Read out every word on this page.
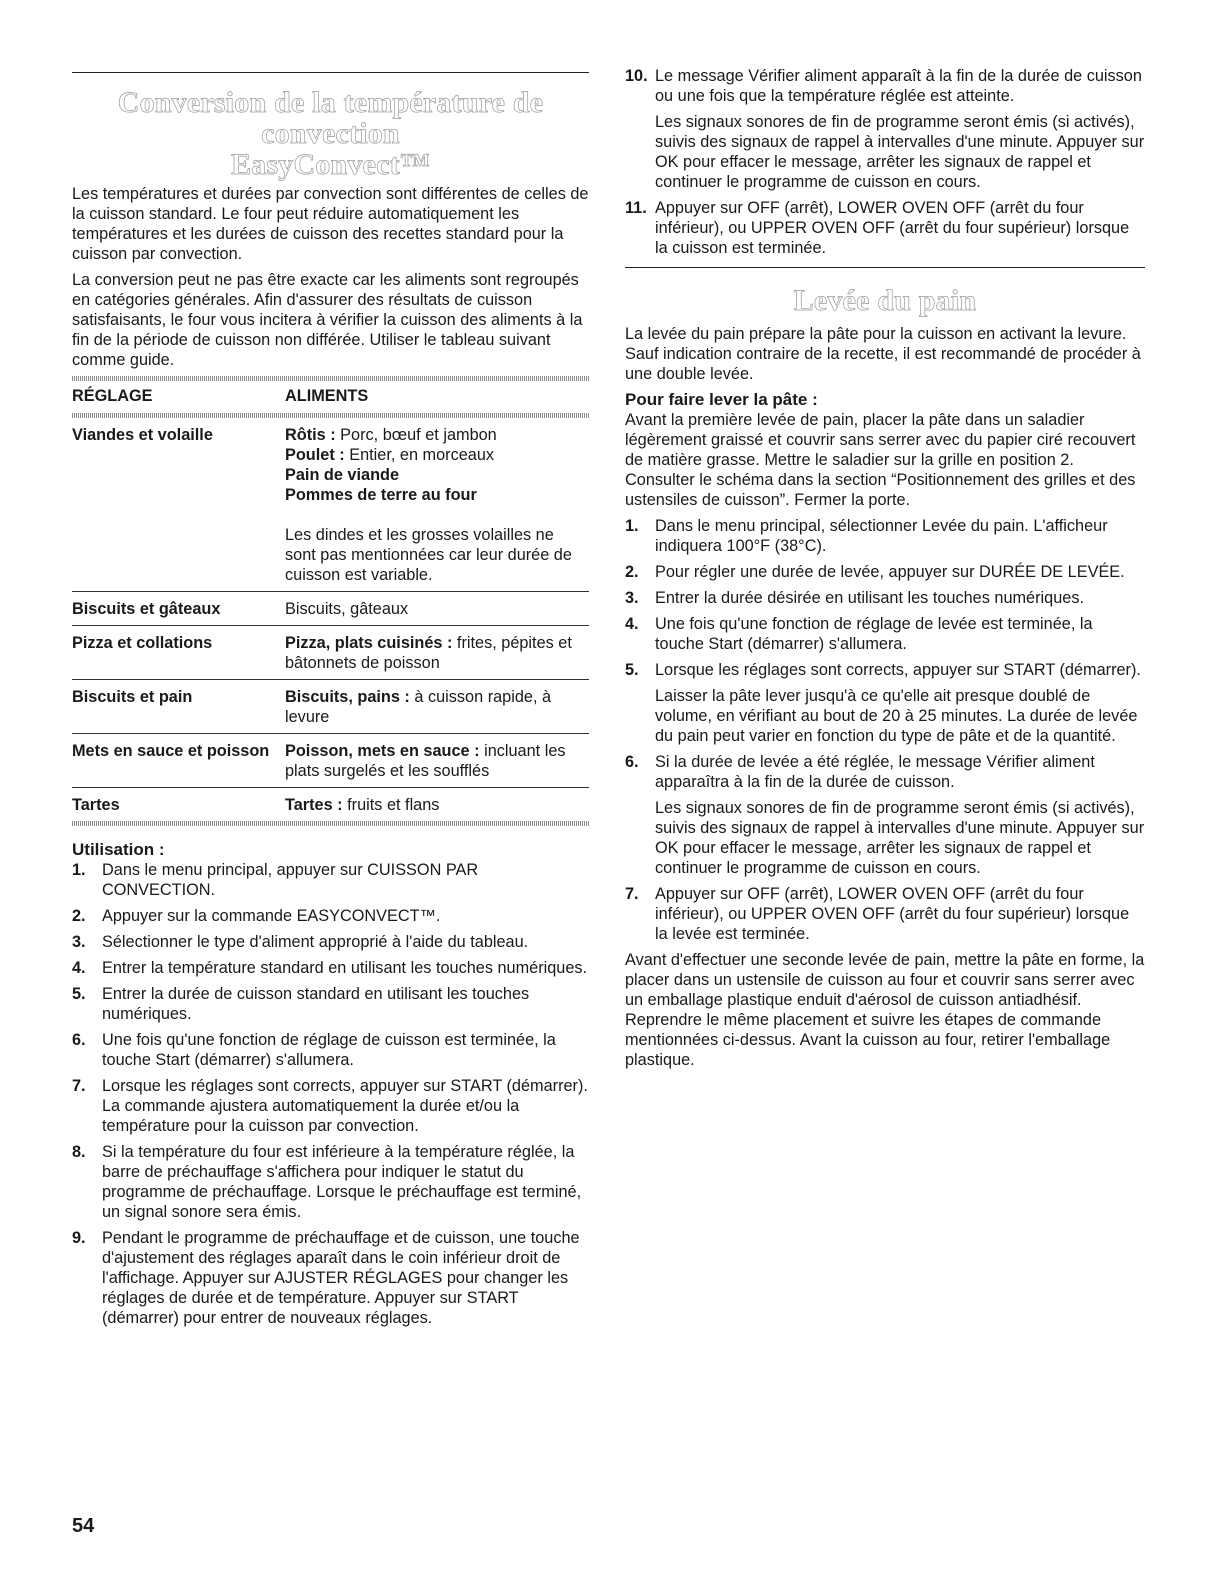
Conversion de la température de convection
EasyConvect™

Les températures et durées par convection sont différentes de celles de la cuisson standard. Le four peut réduire automatiquement les températures et les durées de cuisson des recettes standard pour la cuisson par convection.

La conversion peut ne pas être exacte car les aliments sont regroupés en catégories générales. Afin d'assurer des résultats de cuisson satisfaisants, le four vous incitera à vérifier la cuisson des aliments à la fin de la période de cuisson non différée. Utiliser le tableau suivant comme guide.

RÉGLAGE	ALIMENTS

Viandes et volaille	Rôtis : Porc, bœuf et jambon
Poulet : Entier, en morceaux
Pain de viande
Pommes de terre au four
Les dindes et les grosses volailles ne sont pas mentionnées car leur durée de cuisson est variable.

Biscuits et gâteaux	Biscuits, gâteaux
Pizza et collations	Pizza, plats cuisinés : frites, pépites et bâtonnets de poisson
Biscuits et pain	Biscuits, pains : à cuisson rapide, à levure
Mets en sauce et poisson	Poisson, mets en sauce : incluant les plats surgelés et les soufflés
Tartes	Tartes : fruits et flans
Utilisation :
1. Dans le menu principal, appuyer sur CUISSON PAR CONVECTION.
2. Appuyer sur la commande EASYCONVECT™.
3. Sélectionner le type d'aliment approprié à l'aide du tableau.
4. Entrer la température standard en utilisant les touches numériques.
5. Entrer la durée de cuisson standard en utilisant les touches numériques.
6. Une fois qu'une fonction de réglage de cuisson est terminée, la touche Start (démarrer) s'allumera.
7. Lorsque les réglages sont corrects, appuyer sur START (démarrer). La commande ajustera automatiquement la durée et/ou la température pour la cuisson par convection.
8. Si la température du four est inférieure à la température réglée, la barre de préchauffage s'affichera pour indiquer le statut du programme de préchauffage. Lorsque le préchauffage est terminé, un signal sonore sera émis.
9. Pendant le programme de préchauffage et de cuisson, une touche d'ajustement des réglages aparaît dans le coin inférieur droit de l'affichage. Appuyer sur AJUSTER RÉGLAGES pour changer les réglages de durée et de température. Appuyer sur START (démarrer) pour entrer de nouveaux réglages.
10. Le message Vérifier aliment apparaît à la fin de la durée de cuisson ou une fois que la température réglée est atteinte.
Les signaux sonores de fin de programme seront émis (si activés), suivis des signaux de rappel à intervalles d'une minute. Appuyer sur OK pour effacer le message, arrêter les signaux de rappel et continuer le programme de cuisson en cours.
11. Appuyer sur OFF (arrêt), LOWER OVEN OFF (arrêt du four inférieur), ou UPPER OVEN OFF (arrêt du four supérieur) lorsque la cuisson est terminée.
Levée du pain

La levée du pain prépare la pâte pour la cuisson en activant la levure. Sauf indication contraire de la recette, il est recommandé de procéder à une double levée.

Pour faire lever la pâte :

Avant la première levée de pain, placer la pâte dans un saladier légèrement graissé et couvrir sans serrer avec du papier ciré recouvert de matière grasse. Mettre le saladier sur la grille en position 2. Consulter le schéma dans la section “Positionnement des grilles et des ustensiles de cuisson”. Fermer la porte.

1. Dans le menu principal, sélectionner Levée du pain. L'afficheur indiquera 100°F (38°C).
2. Pour régler une durée de levée, appuyer sur DURÉE DE LEVÉE.
3. Entrer la durée désirée en utilisant les touches numériques.
4. Une fois qu'une fonction de réglage de levée est terminée, la touche Start (démarrer) s'allumera.
5. Lorsque les réglages sont corrects, appuyer sur START (démarrer).
Laisser la pâte lever jusqu'à ce qu'elle ait presque doublé de volume, en vérifiant au bout de 20 à 25 minutes. La durée de levée du pain peut varier en fonction du type de pâte et de la quantité.
6. Si la durée de levée a été réglée, le message Vérifier aliment apparaîtra à la fin de la durée de cuisson.
Les signaux sonores de fin de programme seront émis (si activés), suivis des signaux de rappel à intervalles d'une minute. Appuyer sur OK pour effacer le message, arrêter les signaux de rappel et continuer le programme de cuisson en cours.
7. Appuyer sur OFF (arrêt), LOWER OVEN OFF (arrêt du four inférieur), ou UPPER OVEN OFF (arrêt du four supérieur) lorsque la levée est terminée.

Avant d'effectuer une seconde levée de pain, mettre la pâte en forme, la placer dans un ustensile de cuisson au four et couvrir sans serrer avec un emballage plastique enduit d'aérosol de cuisson antiadhésif. Reprendre le même placement et suivre les étapes de commande mentionnées ci-dessus. Avant la cuisson au four, retirer l'emballage plastique.

54
